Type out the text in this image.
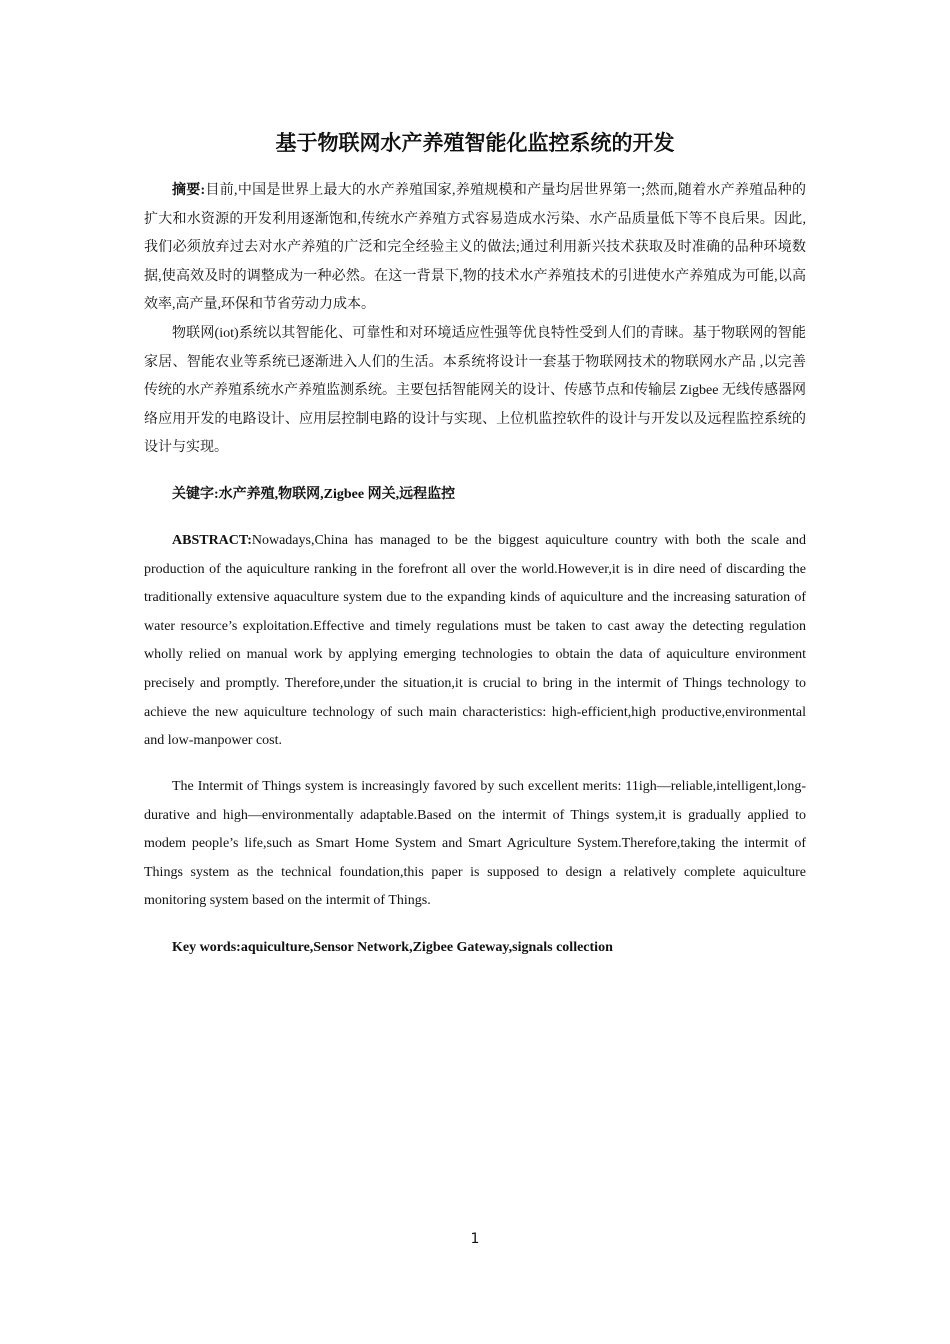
基于物联网水产养殖智能化监控系统的开发

摘要:目前,中国是世界上最大的水产养殖国家,养殖规模和产量均居世界第一;然而,随着水产养殖品种的扩大和水资源的开发利用逐渐饱和,传统水产养殖方式容易造成水污染、水产品质量低下等不良后果。因此,我们必须放弃过去对水产养殖的广泛和完全经验主义的做法;通过利用新兴技术获取及时准确的品种环境数据,使高效及时的调整成为一种必然。在这一背景下,物的技术水产养殖技术的引进使水产养殖成为可能,以高效率,高产量,环保和节省劳动力成本。

物联网(iot)系统以其智能化、可靠性和对环境适应性强等优良特性受到人们的青睐。基于物联网的智能家居、智能农业等系统已逐渐进入人们的生活。本系统将设计一套基于物联网技术的物联网水产品 ,以完善传统的水产养殖系统水产养殖监测系统。主要包括智能网关的设计、传感节点和传输层 Zigbee 无线传感器网络应用开发的电路设计、应用层控制电路的设计与实现、上位机监控软件的设计与开发以及远程监控系统的设计与实现。

关键字:水产养殖,物联网,Zigbee 网关,远程监控

ABSTRACT:Nowadays,China has managed to be the biggest aquiculture country with both the scale and production of the aquiculture ranking in the forefront all over the world.However,it is in dire need of discarding the traditionally extensive aquaculture system due to the expanding kinds of aquiculture and the increasing saturation of water resource’s exploitation.Effective and timely regulations must be taken to cast away the detecting regulation wholly relied on manual work by applying emerging technologies to obtain the data of aquiculture environment precisely and promptly. Therefore,under the situation,it is crucial to bring in the intermit of Things technology to achieve the new aquiculture technology of such main characteristics: high-efficient,high productive,environmental and low-manpower cost.

The Intermit of Things system is increasingly favored by such excellent merits: 11igh—reliable,intelligent,long-durative and high—environmentally adaptable.Based on the intermit of Things system,it is gradually applied to modem people’s life,such as Smart Home System and Smart Agriculture System.Therefore,taking the intermit of Things system as the technical foundation,this paper is supposed to design a relatively complete aquiculture monitoring system based on the intermit of Things.

Key words:aquiculture,Sensor Network,Zigbee Gateway,signals collection

1
